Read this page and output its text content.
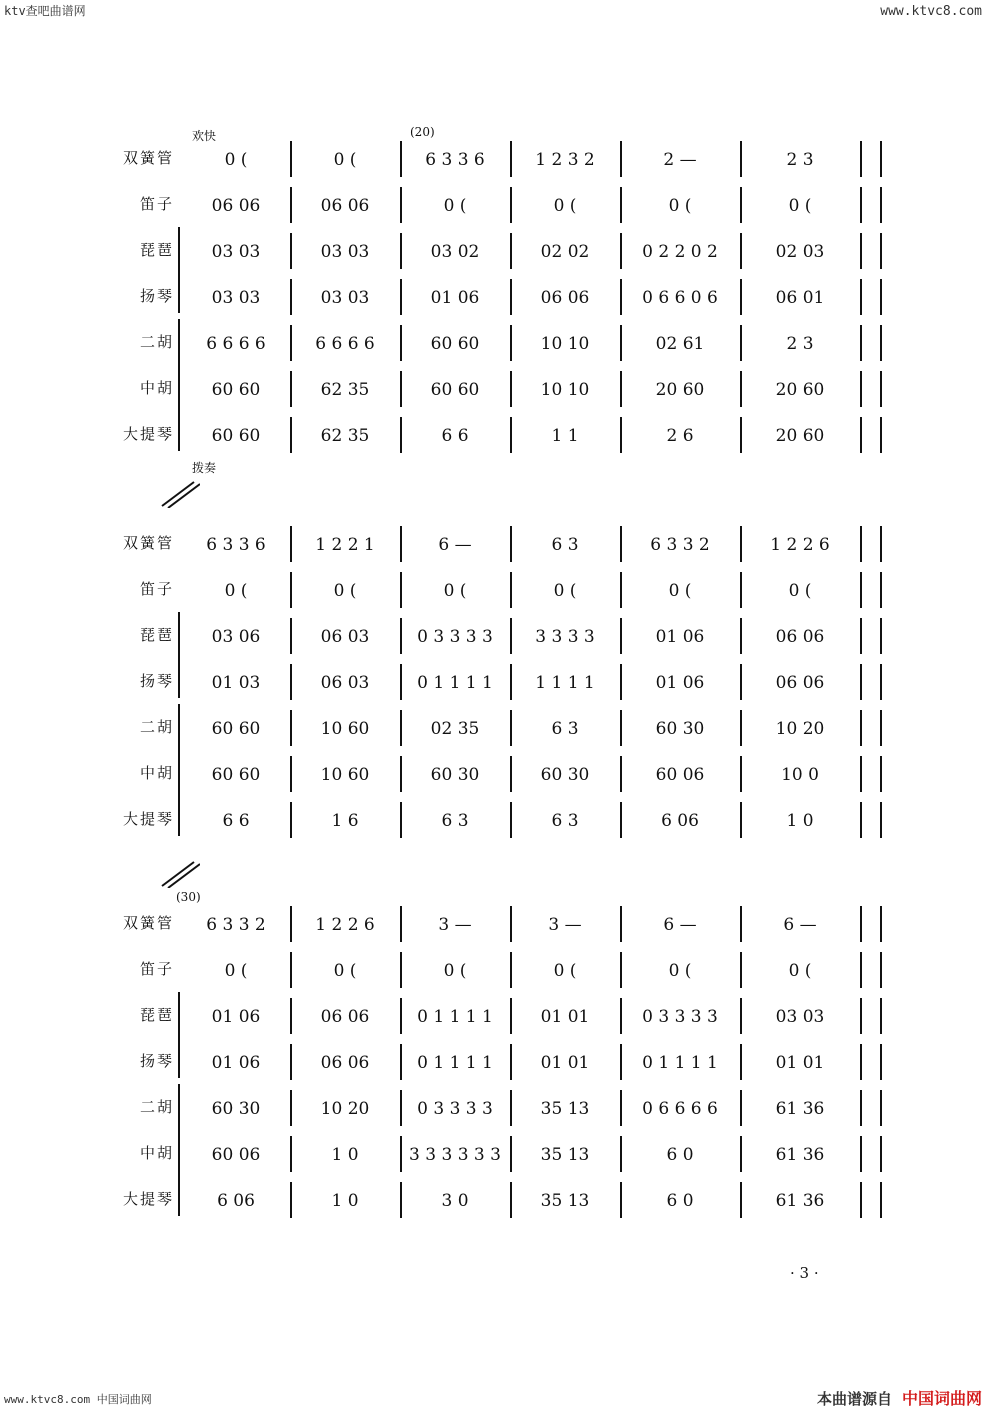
ktv查吧曲谱网	www.ktvc8.com
www.ktvc8.com 中国词曲网	本曲谱源自 中国词曲网
欢快	(20)
拨奏
双簧管	0 (	0 (	6 3 3 6	1 2 3 2	2 —	2 3
笛子	06 06	06 06	0 (	0 (	0 (	0 (
琵琶	03 03	03 03	03 02	02 02	0 2 2 0 2	02 03
扬琴	03 03	03 03	01 06	06 06	0 6 6 0 6	06 01
二胡	6 6 6 6	6 6 6 6	60 60	10 10	02 61	2 3
中胡	60 60	62 35	60 60	10 10	20 60	20 60
大提琴	60 60	62 35	6 6	1 1	2 6	20 60
双簧管	6 3 3 6	1 2 2 1	6 —	6 3	6 3 3 2	1 2 2 6
笛子	0 (	0 (	0 (	0 (	0 (	0 (
琵琶	03 06	06 03	0 3 3 3 3	3 3 3 3	01 06	06 06
扬琴	01 03	06 03	0 1 1 1 1	1 1 1 1	01 06	06 06
二胡	60 60	10 60	02 35	6 3	60 30	10 20
中胡	60 60	10 60	60 30	60 30	60 06	10 0
大提琴	6 6	1 6	6 3	6 3	6 06	1 0
(30)
双簧管	6 3 3 2	1 2 2 6	3 —	3 —	6 —	6 —
笛子	0 (	0 (	0 (	0 (	0 (	0 (
琵琶	01 06	06 06	0 1 1 1 1	01 01	0 3 3 3 3	03 03
扬琴	01 06	06 06	0 1 1 1 1	01 01	0 1 1 1 1	01 01
二胡	60 30	10 20	0 3 3 3 3	35 13	0 6 6 6 6	61 36
中胡	60 06	1 0	3 3 3 3 3 3	35 13	6 0	61 36
大提琴	6 06	1 0	3 0	35 13	6 0	61 36
· 3 ·
